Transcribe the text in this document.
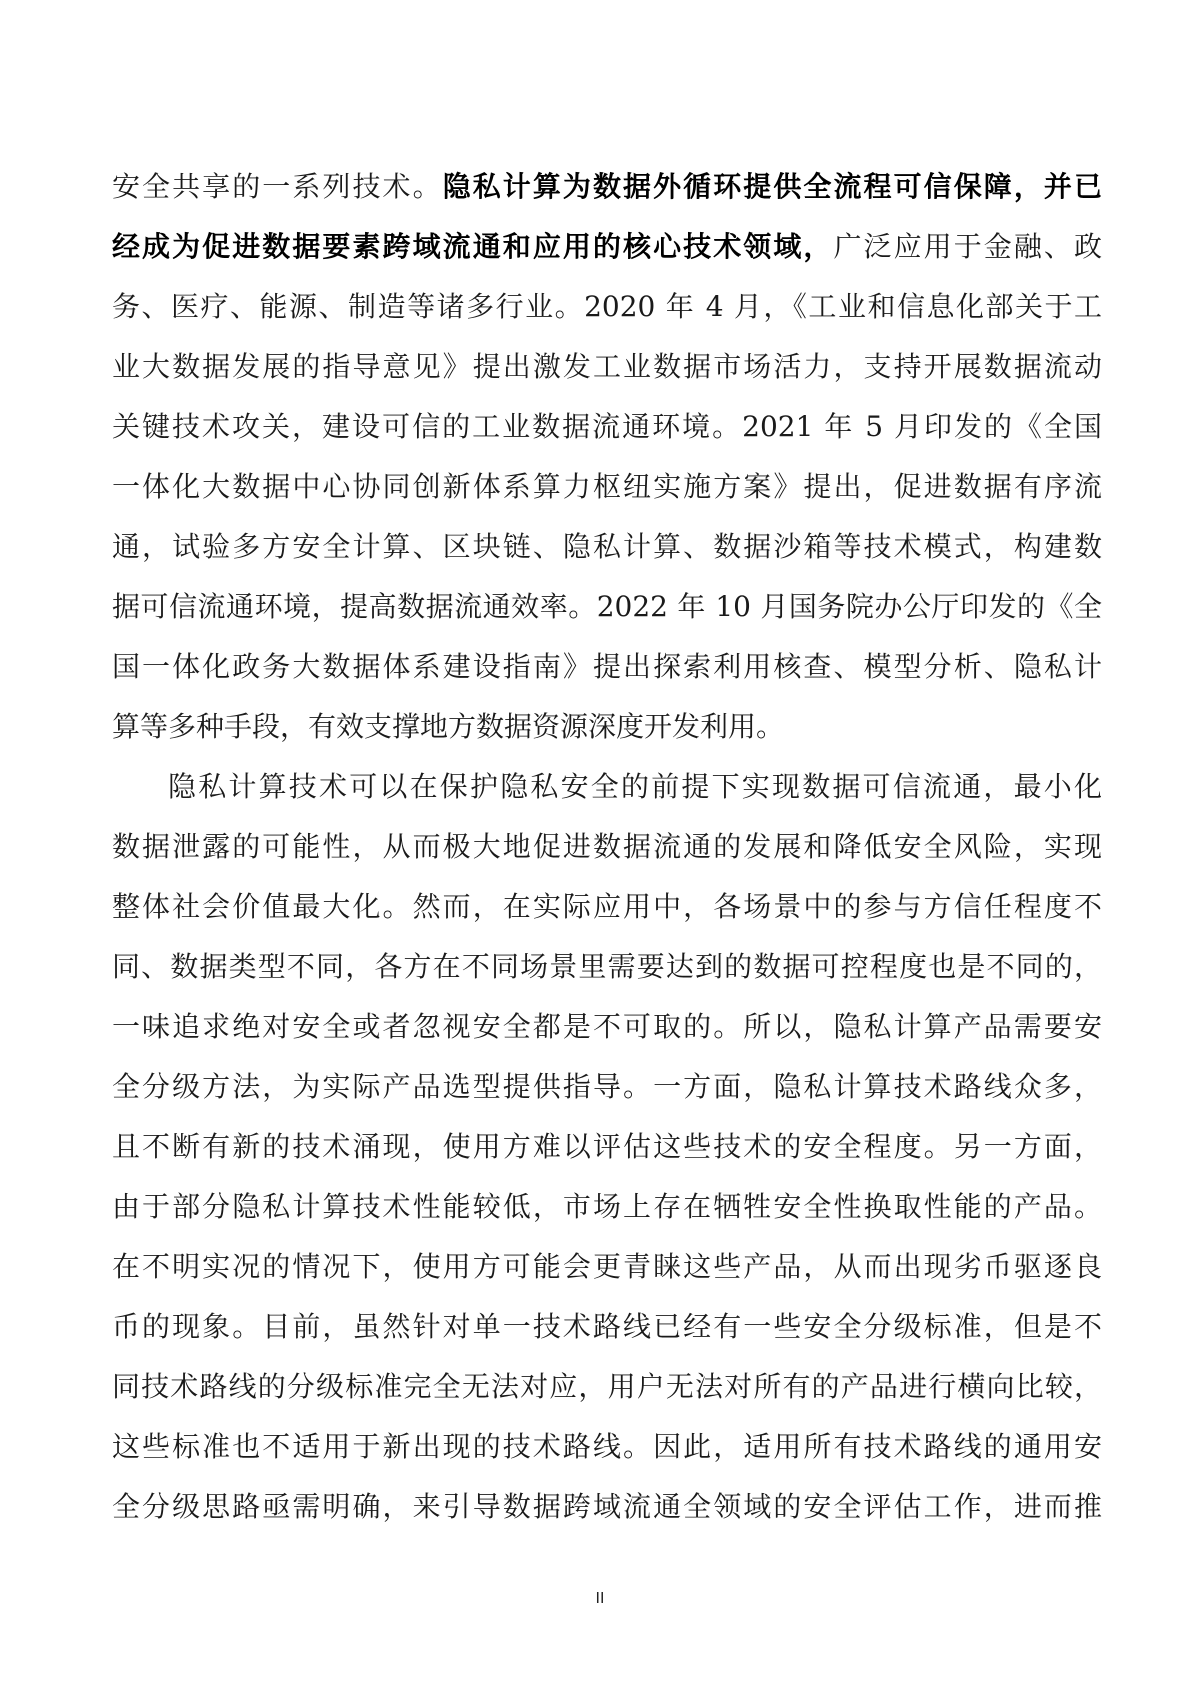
安全共享的一系列技术。隐私计算为数据外循环提供全流程可信保障，并已
经成为促进数据要素跨域流通和应用的核心技术领域，广泛应用于金融、政
务、医疗、能源、制造等诸多行业。2020 年 4 月，《工业和信息化部关于工
业大数据发展的指导意见》提出激发工业数据市场活力，支持开展数据流动
关键技术攻关，建设可信的工业数据流通环境。2021 年 5 月印发的《全国
一体化大数据中心协同创新体系算力枢纽实施方案》提出，促进数据有序流
通，试验多方安全计算、区块链、隐私计算、数据沙箱等技术模式，构建数
据可信流通环境，提高数据流通效率。2022 年 10 月国务院办公厅印发的《全
国一体化政务大数据体系建设指南》提出探索利用核查、模型分析、隐私计
算等多种手段，有效支撑地方数据资源深度开发利用。
隐私计算技术可以在保护隐私安全的前提下实现数据可信流通，最小化
数据泄露的可能性，从而极大地促进数据流通的发展和降低安全风险，实现
整体社会价值最大化。然而，在实际应用中，各场景中的参与方信任程度不
同、数据类型不同，各方在不同场景里需要达到的数据可控程度也是不同的，
一味追求绝对安全或者忽视安全都是不可取的。所以，隐私计算产品需要安
全分级方法，为实际产品选型提供指导。一方面，隐私计算技术路线众多，
且不断有新的技术涌现，使用方难以评估这些技术的安全程度。另一方面，
由于部分隐私计算技术性能较低，市场上存在牺牲安全性换取性能的产品。
在不明实况的情况下，使用方可能会更青睐这些产品，从而出现劣币驱逐良
币的现象。目前，虽然针对单一技术路线已经有一些安全分级标准，但是不
同技术路线的分级标准完全无法对应，用户无法对所有的产品进行横向比较，
这些标准也不适用于新出现的技术路线。因此，适用所有技术路线的通用安
全分级思路亟需明确，来引导数据跨域流通全领域的安全评估工作，进而推
II
